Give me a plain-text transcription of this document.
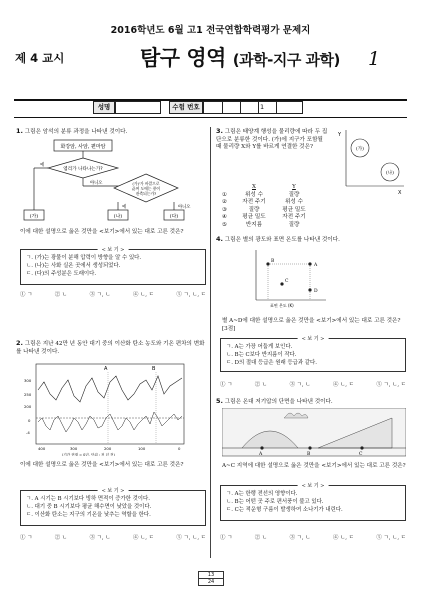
2016학년도 6월 고1 전국연합학력평가 문제지
제 4 교시	탐구 영역 (과학-지구 과학) 1
성명	수험 번호	1
1. 그림은 암석의 분류 과정을 나타낸 것이다.
화강암, 사암, 편마암
엽리가 나타나는가?
예
아니오	(가)'가 바깥으로
끓여 도에는 풍이
관측되는가?
예	아니오
(가)	(나)	(다)
이에 대한 설명으로 옳은 것만을 <보기>에서 있는 대로 고른 것은?
< 보 기 >
ㄱ. (가)는 광물이 분해 압력이 방향을 알 수 있다.
ㄴ. (나)는 사화 실온 곳에서 생성되었다.
ㄷ. (다)의 주성분은 도래이다.
① ㄱ	② ㄴ	③ ㄱ, ㄴ	④ ㄴ, ㄷ	⑤ ㄱ, ㄴ, ㄷ
2. 그림은 지난 42만 년 동안 대기 중의 이산화 탄소 농도와 기온 편차의 변화를 나타낸 것이다.
A	B
300
250
200
0
-4
400	300	200	100	0
(기간 현재 = 0년, 단위 : 천 년 전)
이에 대한 설명으로 옳은 것만을 <보기>에서 있는 대로 고른 것은?
< 보 기 >
ㄱ. A 시기는 B 시기보다 빙하 면적이 증가한 것이다.
ㄴ. 대기 중 B 시기보다 평균 해수면이 낮았을 것이다.
ㄷ. 이산화 탄소는 지구의 기온을 낮추는 역할을 한다.
① ㄱ	② ㄴ	③ ㄱ, ㄴ	④ ㄴ, ㄷ	⑤ ㄱ, ㄴ, ㄷ
3. 그림은 태양계 행성을 물리량에 따라 두 집단으로 분류한 것이다. (가)에 지구가 포함될 때 물리량 X와 Y를 바르게 연결한 것은?
Y
X
(가)
(나)
X	Y
①	위성 수	질량
②	자전 주기	위성 수
③	질량	평균 밀도
④	평균 밀도	자전 주기
⑤	반지름	질량
4. 그림은 별의 광도와 표면 온도를 나타낸 것이다.
A
B
C
D
표면 온도 (K)
별 A~D에 대한 설명으로 옳은 것만을 <보기>에서 있는 대로 고른 것은? [3점]
< 보 기 >
ㄱ. A는 가장 어둡게 보인다.
ㄴ. B는 C보다 반지름이 작다.
ㄷ. D의 절대 등급은 원래 등급과 같다.
① ㄱ	② ㄴ	③ ㄱ, ㄴ	④ ㄴ, ㄷ	⑤ ㄱ, ㄴ, ㄷ
5. 그림은 온대 저기압의 단면을 나타낸 것이다.
A	B	C
A~C 지역에 대한 설명으로 옳은 것만을 <보기>에서 있는 대로 고른 것은?
< 보 기 >
ㄱ. A는 한랭 전선의 영향이다.
ㄴ. B는 어떤 곳 주로 편서풍이 불고 있다.
ㄷ. C는 적운형 구름이 발생하여 소나기가 내린다.
① ㄱ	② ㄴ	③ ㄱ, ㄴ	④ ㄴ, ㄷ	⑤ ㄱ, ㄴ, ㄷ
13
24
